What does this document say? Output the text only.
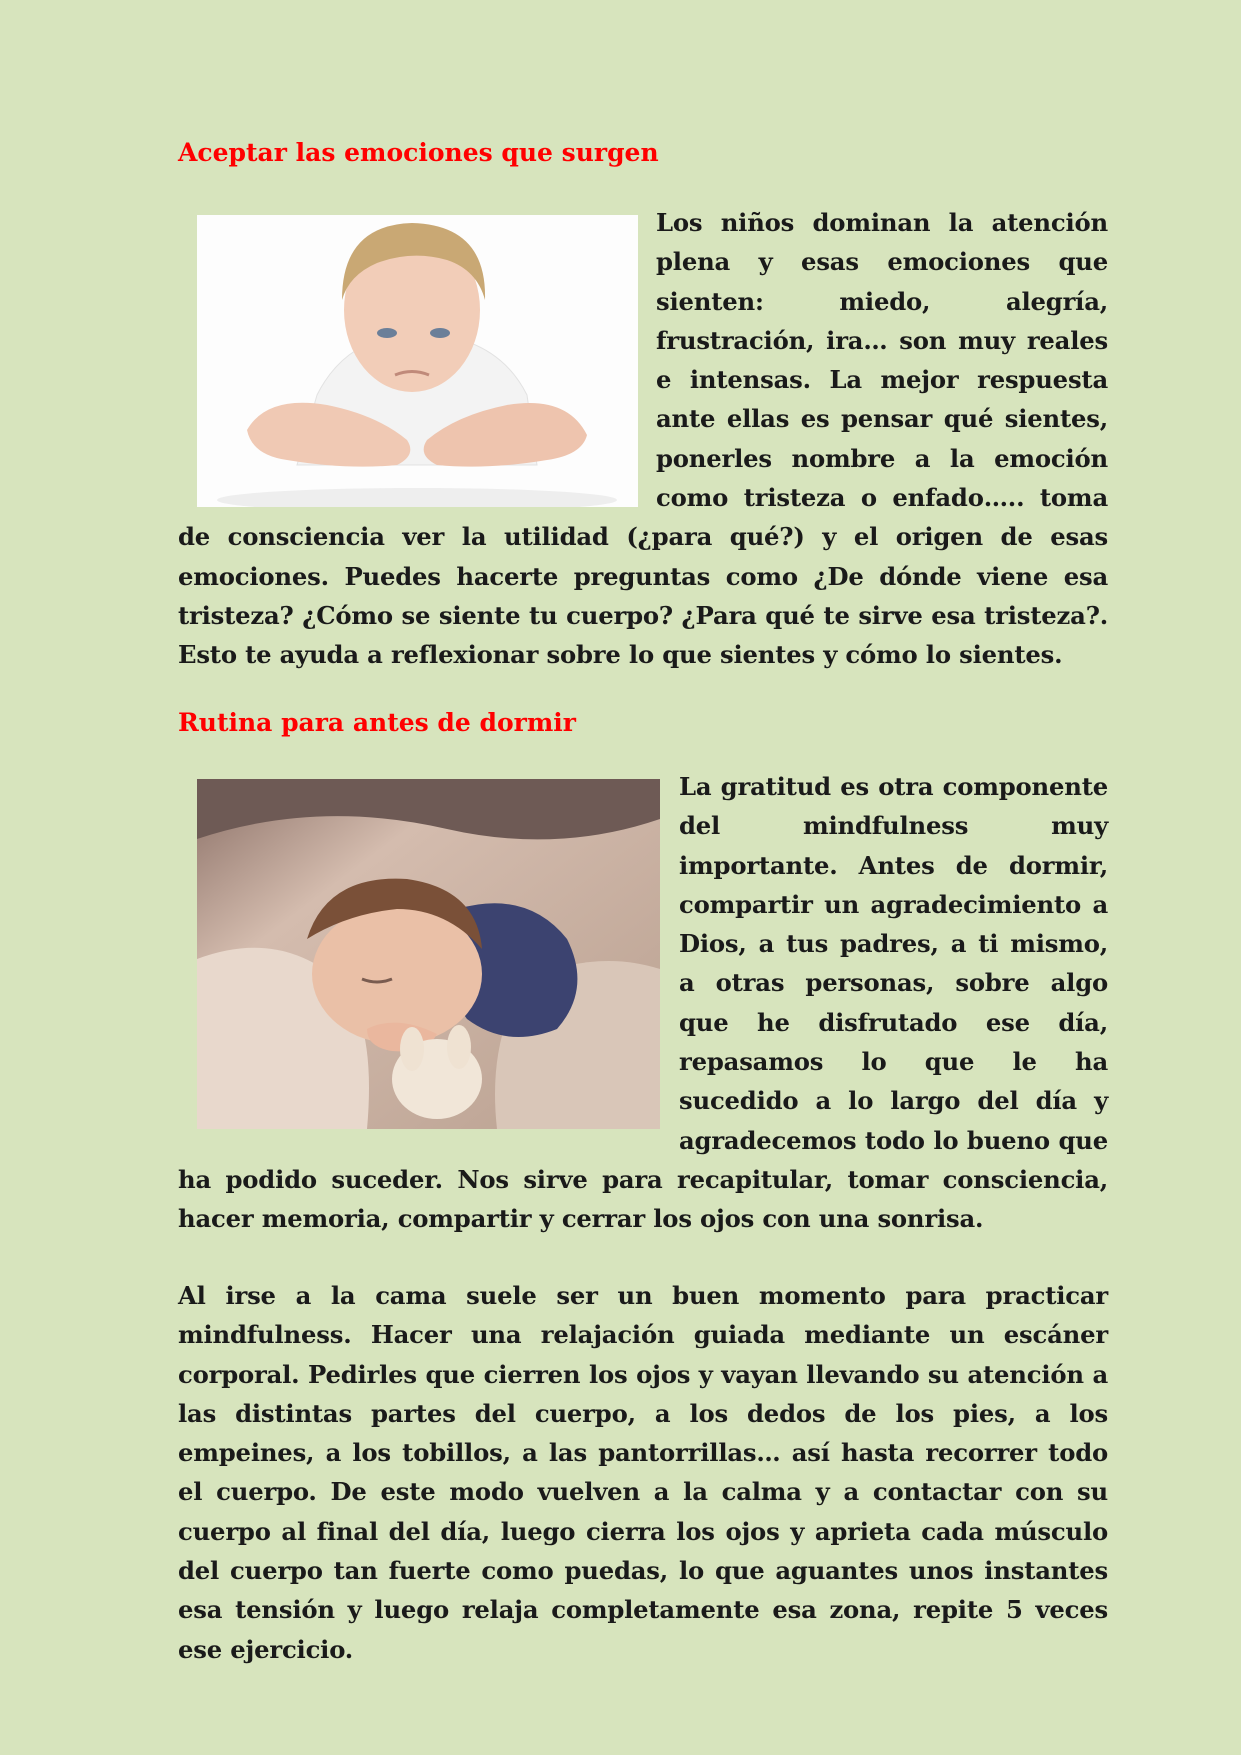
Aceptar las emociones que surgen
Los niños dominan la atención plena y esas emociones que sienten: miedo, alegría, frustración, ira… son muy reales e intensas. La mejor respuesta ante ellas es pensar qué sientes, ponerles nombre a la emoción como tristeza o enfado….. toma de consciencia ver la utilidad (¿para qué?) y el origen de esas emociones. Puedes hacerte preguntas como ¿De dónde viene esa tristeza? ¿Cómo se siente tu cuerpo? ¿Para qué te sirve esa tristeza?. Esto te ayuda a reflexionar sobre lo que sientes y cómo lo sientes.
Rutina para antes de dormir
La gratitud es otra componente del mindfulness muy importante. Antes de dormir, compartir un agradecimiento a Dios, a tus padres, a ti mismo, a otras personas, sobre algo que he disfrutado ese día, repasamos lo que le ha sucedido a lo largo del día y agradecemos todo lo bueno que ha podido suceder. Nos sirve para recapitular, tomar consciencia, hacer memoria, compartir y cerrar los ojos con una sonrisa.

Al irse a la cama suele ser un buen momento para practicar mindfulness. Hacer una relajación guiada mediante un escáner corporal. Pedirles que cierren los ojos y vayan llevando su atención a las distintas partes del cuerpo, a los dedos de los pies, a los empeines, a los tobillos, a las pantorrillas… así hasta recorrer todo el cuerpo. De este modo vuelven a la calma y a contactar con su cuerpo al final del día, luego cierra los ojos y aprieta cada músculo del cuerpo tan fuerte como puedas, lo que aguantes unos instantes esa tensión y luego relaja completamente esa zona, repite 5 veces ese ejercicio.
